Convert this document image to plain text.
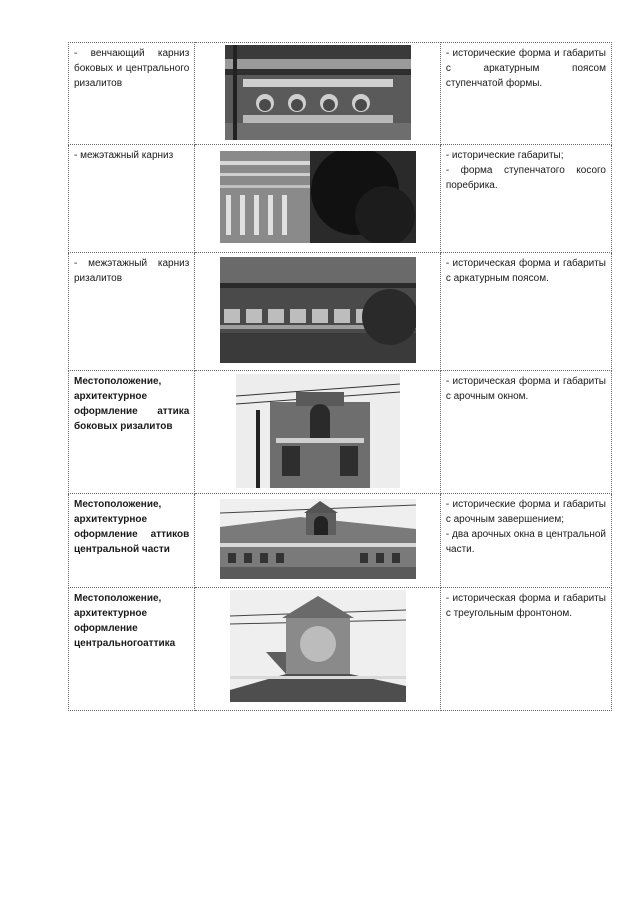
- венчающий карниз боковых и центрального ризалитов		- исторические форма и габариты с аркатурным поясом ступенчатой формы.

- межэтажный карниз		- исторические габариты;
- форма ступенчатого косого поребрика.

- межэтажный карниз ризалитов		- историческая форма и габариты с аркатурным поясом.

Местоположение, архитектурное оформление аттика боковых ризалитов		- историческая форма и габариты с арочным окном.

Местоположение, архитектурное оформление аттиков центральной части		- исторические форма и габариты с арочным завершением;
- два арочных окна в центральной части.

Местоположение, архитектурное оформление центральногоаттика		- историческая форма и габариты с треугольным фронтоном.
